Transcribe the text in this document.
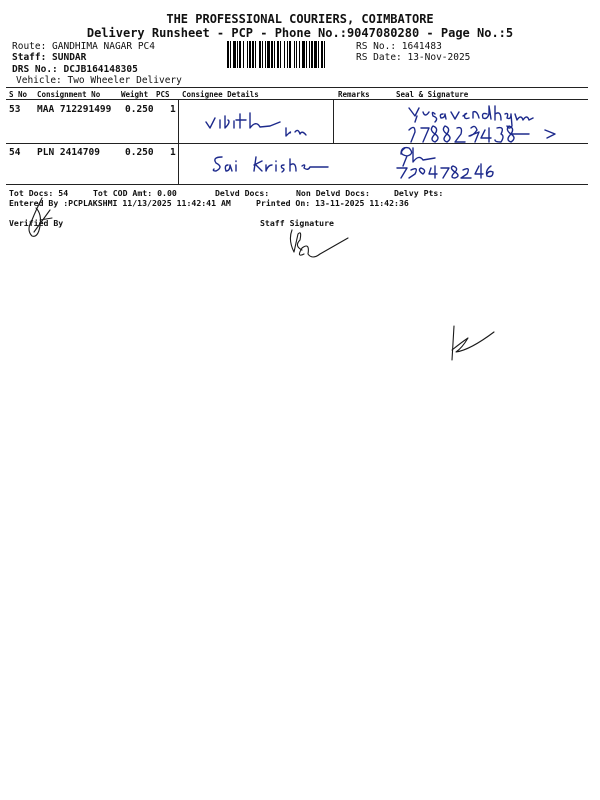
THE PROFESSIONAL COURIERS, COIMBATORE
Delivery Runsheet - PCP - Phone No.:9047080280 - Page No.:5
Route: GANDHIMA NAGAR PC4
Staff: SUNDAR
DRS No.: DCJB164148305
Vehicle: Two Wheeler Delivery
RS No.: 1641483
RS Date: 13-Nov-2025
S No Consignment No	Weight PCS Consignee Details	Remarks	Seal & Signature
53 MAA 712291499 0.250 1
54 PLN 2414709	0.250 1
Tot Docs: 54	Tot COD Amt: 0.00	Delvd Docs:	Non Delvd Docs:	Delvy Pts:
Entered By :PCPLAKSHMI 11/13/2025 11:42:41 AM	Printed On: 13-11-2025 11:42:36
Verified By	Staff Signature
